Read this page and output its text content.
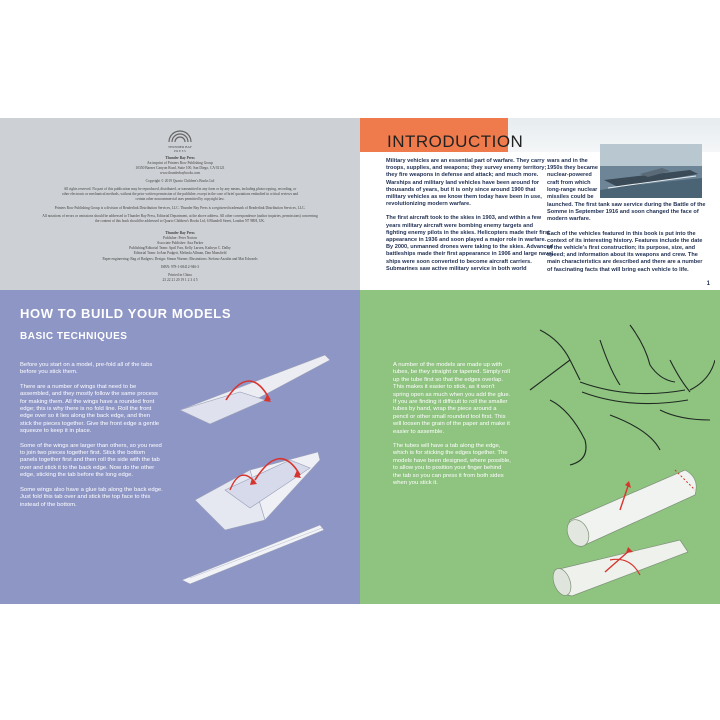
THUNDER BAY
P R E S S
Thunder Bay Press
An imprint of Printers Row Publishing Group
10350 Barnes Canyon Road, Suite 100, San Diego, CA 92121
www.thunderbaybooks.com
Copyright © 2019 Quarto Children's Books Ltd
All rights reserved. No part of this publication may be reproduced, distributed, or transmitted in any form or by any means, including photocopying, recording, or other electronic or mechanical methods, without the prior written permission of the publisher, except in the case of brief quotations embodied in critical reviews and certain other noncommercial uses permitted by copyright law.
Printers Row Publishing Group is a division of Readerlink Distribution Services, LLC. Thunder Bay Press is a registered trademark of Readerlink Distribution Services, LLC.
All notations of errors or omissions should be addressed to Thunder Bay Press, Editorial Department, at the above address. All other correspondence (author inquiries, permissions) concerning the content of this book should be addressed to Quarto Children's Books Ltd, 6 Blundell Street, London N7 9BH, UK.
Thunder Bay Press
Publisher: Peter Norton
Associate Publisher: Ana Parker
Publishing/Editorial Team: April Farr, Kelly Larsen, Kathryn C. Dalby
Editorial Team: JoAnn Padgett, Melinda Allman, Dan Mansfield
Paper engineering: Bag of Badgers; Design: Simon Warner; Illustrations: Stefano Azzalin and Mat Edwards
ISBN: 978-1-68412-946-3
Printed in China
23 22 21 20 19 1 2 3 4 5
INTRODUCTION

Military vehicles are an essential part of warfare. They carry troops, supplies, and weapons; they survey enemy territory; they fire weapons in defense and attack; and much more. Warships and military land vehicles have been around for thousands of years, but it is only since around 1900 that military vehicles as we know them today have been in use, revolutionizing modern warfare.

The first aircraft took to the skies in 1903, and within a few years military aircraft were bombing enemy targets and fighting enemy pilots in the skies. Helicopters made their first appearance in 1936 and soon played a major role in warfare. By 2000, unmanned drones were taking to the skies. Advanced battleships made their first appearance in 1906 and large naval ships were soon converted to become aircraft carriers. Submarines saw active military service in both world

wars and in the
1950s they became
nuclear-powered
craft from which
long-range nuclear
missiles could be

launched. The first tank saw service during the Battle of the Somme in September 1916 and soon changed the face of modern warfare.

Each of the vehicles featured in this book is put into the context of its interesting history. Features include the date of the vehicle's first construction; its purpose, size, and speed; and information about its weapons and crew. The main characteristics are described and there are a number of fascinating facts that will bring each vehicle to life.

1
HOW TO BUILD YOUR MODELS
BASIC TECHNIQUES

Before you start on a model, pre-fold all of the tabs before you stick them.

There are a number of wings that need to be assembled, and they mostly follow the same process for making them. All the wings have a rounded front edge; this is why there is no fold line. Roll the front edge over so it lies along the back edge, and then stick the pieces together. Give the front edge a gentle squeeze to keep it in place.

Some of the wings are larger than others, so you need to join two pieces together first. Stick the bottom panels together first and then roll the side with the tab over and stick it to the back edge. Now do the other edge, sticking the tab before the long edge.

Some wings also have a glue tab along the back edge. Just fold this tab over and stick the top face to this instead of the bottom.

A number of the models are made up with tubes, be they straight or tapered. Simply roll up the tube first so that the edges overlap. This makes it easier to stick, as it won't spring open as much when you add the glue. If you are finding it difficult to roll the smaller tubes by hand, wrap the piece around a pencil or other small rounded tool first. This will loosen the grain of the paper and make it easier to assemble.

The tubes will have a tab along the edge, which is for sticking the edges together. The models have been designed, where possible, to allow you to position your finger behind the tab so you can press it from both sides when you stick it.
